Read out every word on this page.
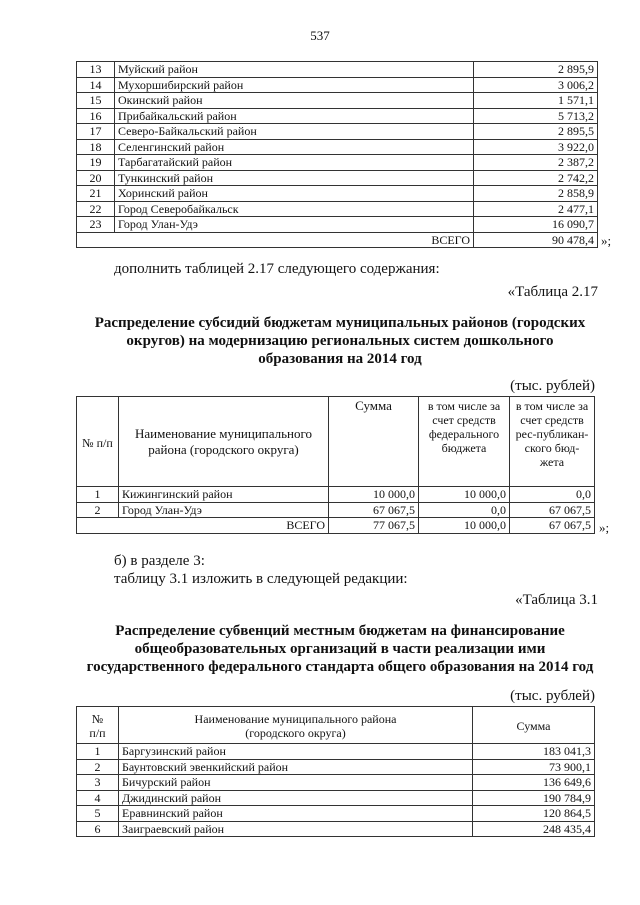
537
13	Муйский район	2 895,9
14	Мухоршибирский район	3 006,2
15	Окинский район	1 571,1
16	Прибайкальский район	5 713,2
17	Северо-Байкальский район	2 895,5
18	Селенгинский район	3 922,0
19	Тарбагатайский район	2 387,2
20	Тункинский район	2 742,2
21	Хоринский район	2 858,9
22	Город Северобайкальск	2 477,1
23	Город Улан-Удэ	16 090,7
ВСЕГО		90 478,4 »;
дополнить таблицей 2.17 следующего содержания:
«Таблица 2.17
Распределение субсидий бюджетам муниципальных районов (городских
округов) на модернизацию региональных систем дошкольного
образования на 2014 год
(тыс. рублей)
№ п/п	Наименование муниципального района (городского округа)	Сумма	в том числе за счет средств федерального бюджета	в том числе за счет средств рес-публикан-ского бюд-жета
1	Кижингинский район	10 000,0	10 000,0	0,0
2	Город Улан-Удэ	67 067,5	0,0	67 067,5
ВСЕГО		77 067,5	10 000,0	67 067,5 »;
б) в разделе 3:
таблицу 3.1 изложить в следующей редакции:
«Таблица 3.1
Распределение субвенций местным бюджетам на финансирование
общеобразовательных организаций в части реализации ими
государственного федерального стандарта общего образования на 2014 год
(тыс. рублей)
№
п/п

Наименование муниципального района
(городского округа)	Сумма
1	Баргузинский район	183 041,3
2	Баунтовский эвенкийский район	73 900,1
3	Бичурский район	136 649,6
4	Джидинский район	190 784,9
5	Еравнинский район	120 864,5
6	Заиграевский район	248 435,4
